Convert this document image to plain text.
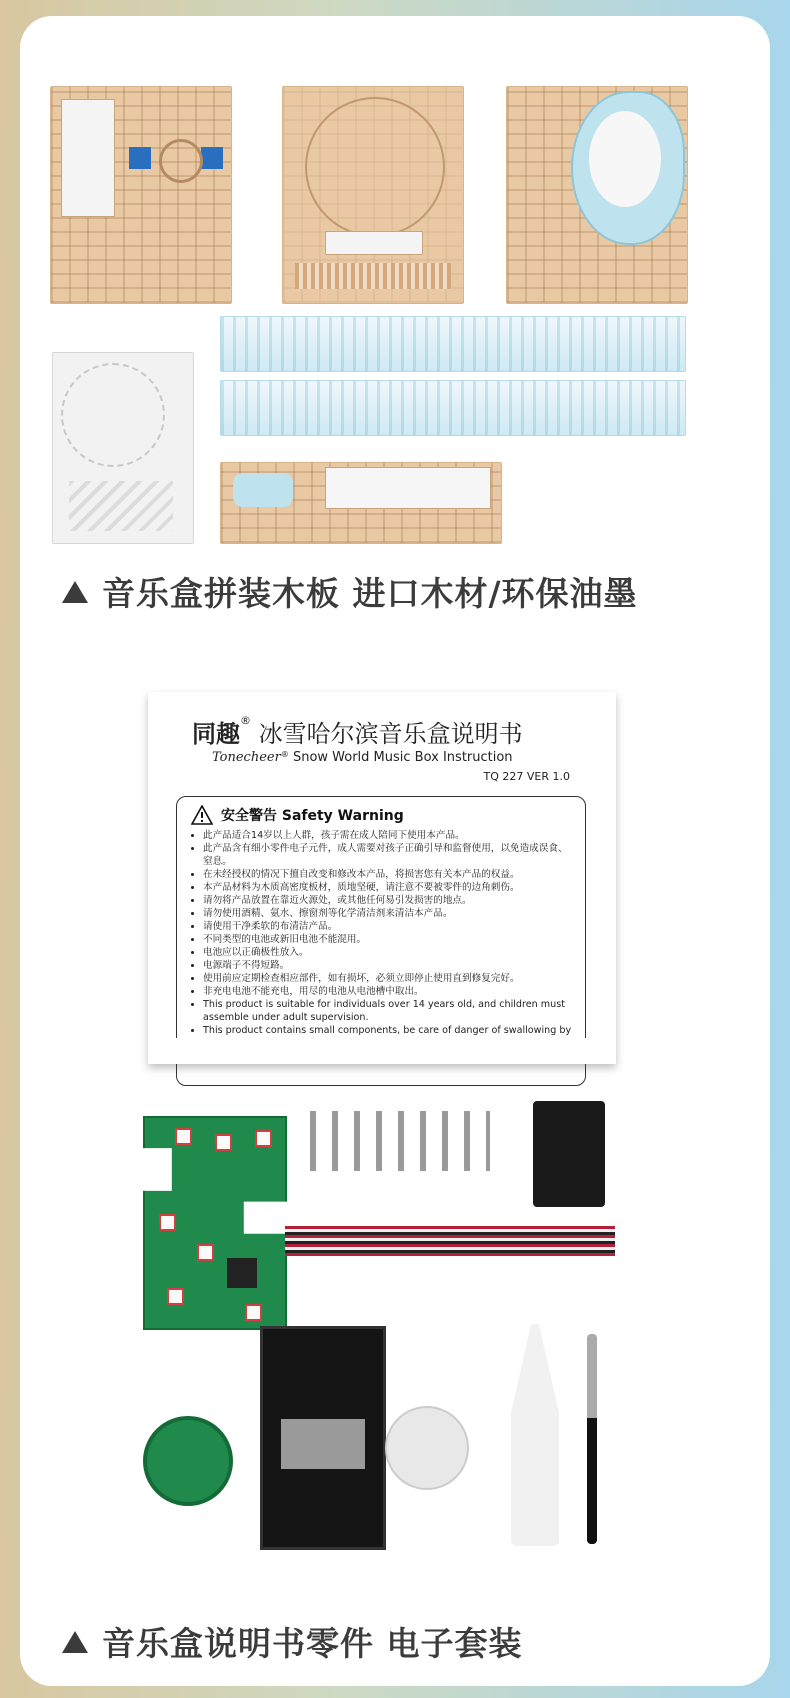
音乐盒拼装木板 进口木材/环保油墨
同趣® 冰雪哈尔滨音乐盒说明书
Tonecheer® Snow World Music Box Instruction
TQ 227 VER 1.0
安全警告 Safety Warning
• 此产品适合14岁以上人群，孩子需在成人陪同下使用本产品。
• 此产品含有细小零件电子元件，成人需要对孩子正确引导和监督使用，以免造成误食、窒息。
• 在未经授权的情况下擅自改变和修改本产品，将损害您有关本产品的权益。
• 本产品材料为木质高密度板材，质地坚硬，请注意不要被零件的边角刺伤。
• 请勿将产品放置在靠近火源处，或其他任何易引发损害的地点。
• 请勿使用酒精、氨水、擦窗剂等化学清洁剂来清洁本产品。
• 请使用干净柔软的布清洁产品。
• 不同类型的电池或新旧电池不能混用。
• 电池应以正确极性放入。
• 电源端子不得短路。
• 使用前应定期检查相应部件，如有损坏，必须立即停止使用直到修复完好。
• 非充电电池不能充电，用尽的电池从电池槽中取出。
• This product is suitable for individuals over 14 years old, and children must assemble under adult supervision.
• This product contains small components, be care of danger of swallowing by
音乐盒说明书零件 电子套装
